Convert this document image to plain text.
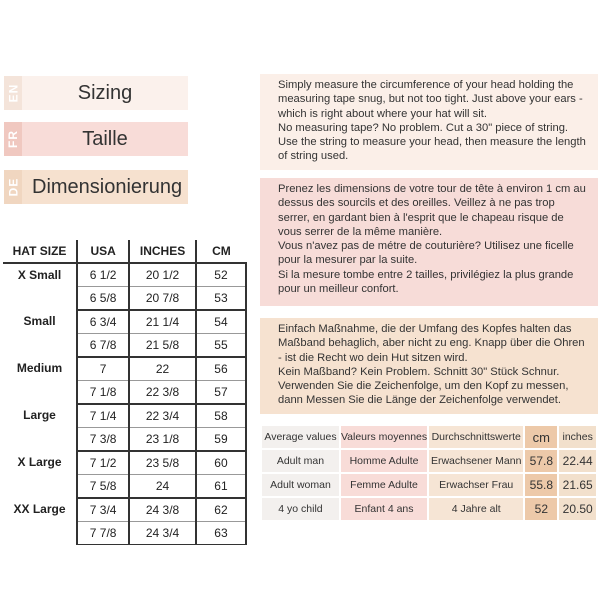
EN	Sizing
FR	Taille
DE Dimensionierung
HAT SIZE	USA	INCHES	CM
X Small	6 1/2	20 1/2	52
	6 5/8	20 7/8	53
Small	6 3/4	21 1/4	54
	6 7/8	21 5/8	55
Medium	7	22	56
	7 1/8	22 3/8	57
Large	7 1/4	22 3/4	58
	7 3/8	23 1/8	59
X Large	7 1/2	23 5/8	60
	7 5/8	24	61
XX Large	7 3/4	24 3/8	62
	7 7/8	24 3/4	63

Simply measure the circumference of your head holding the measuring tape snug, but not too tight. Just above your ears - which is right about where your hat will sit.

No measuring tape? No problem. Cut a 30" piece of string. Use the string to measure your head, then measure the length of string used.

Prenez les dimensions de votre tour de tête à environ 1 cm au dessus des sourcils et des oreilles. Veillez à ne pas trop serrer, en gardant bien à l'esprit que le chapeau risque de vous serrer de la même manière.

Vous n'avez pas de métre de couturière? Utilisez une ficelle pour la mesurer par la suite.

Si la mesure tombe entre 2 tailles, privilégiez la plus grande pour un meilleur confort.

Einfach Maßnahme, die der Umfang des Kopfes halten das Maßband behaglich, aber nicht zu eng. Knapp über die Ohren - ist die Recht wo dein Hut sitzen wird.

Kein Maßband? Kein Problem. Schnitt 30" Stück Schnur. Verwenden Sie die Zeichenfolge, um den Kopf zu messen, dann Messen Sie die Länge der Zeichenfolge verwendet.

Average values	Valeurs moyennes	Durchschnittswerte	cm	inches
Adult man	Homme Adulte	Erwachsener Mann	57.8	22.44
Adult woman	Femme Adulte	Erwachser Frau	55.8	21.65
4 yo child	Enfant 4 ans	4 Jahre alt	52	20.50
